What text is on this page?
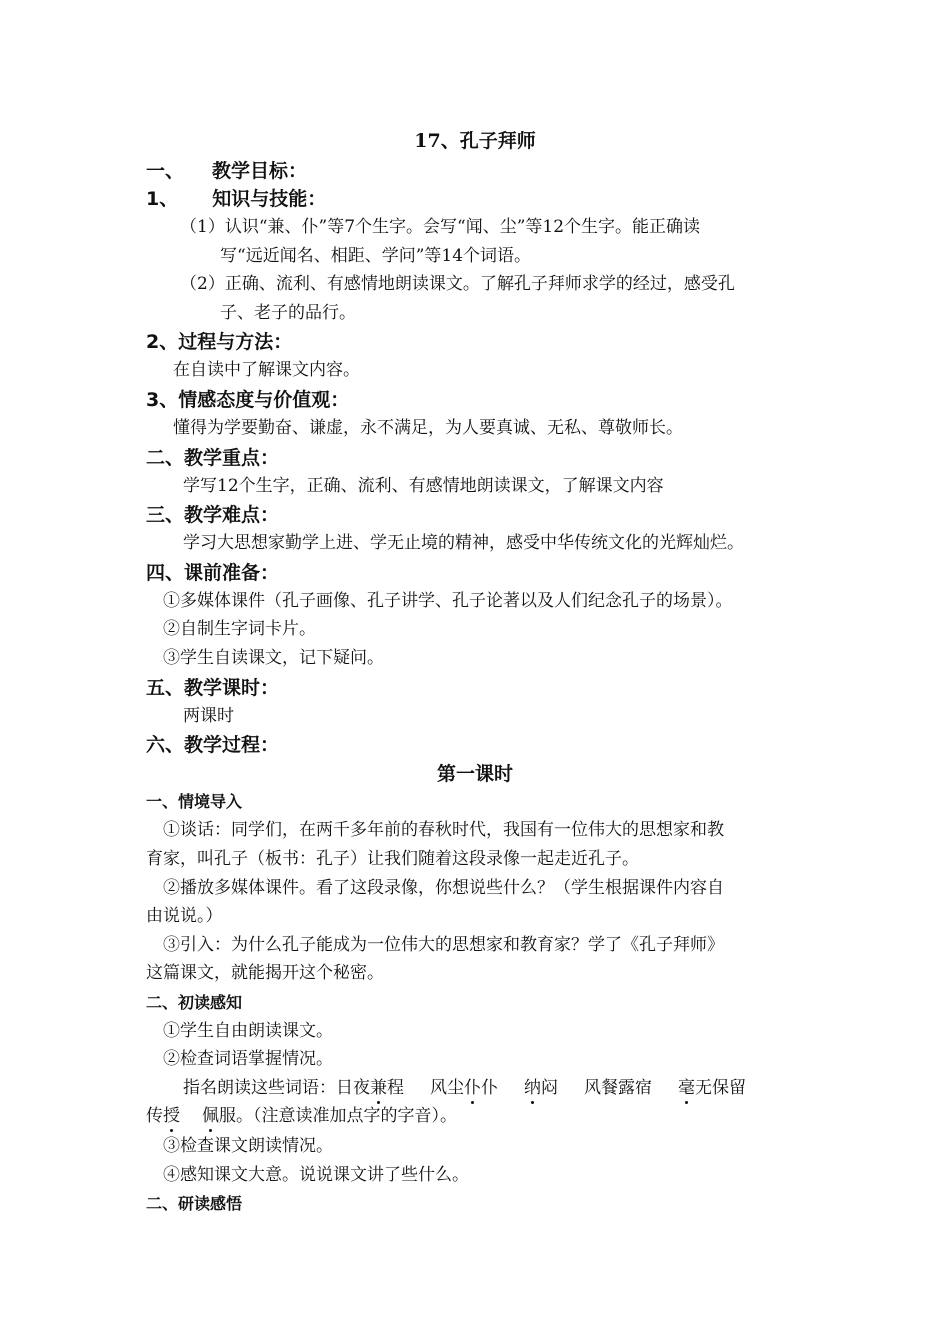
17、孔子拜师
一、 教学目标：
1、 知识与技能：
（1）认识“兼、仆”等7个生字。会写“闻、尘”等12个生字。能正确读
写“远近闻名、相距、学问”等14个词语。
（2）正确、流利、有感情地朗读课文。了解孔子拜师求学的经过，感受孔
子、老子的品行。
2、过程与方法：
在自读中了解课文内容。
3、情感态度与价值观：
懂得为学要勤奋、谦虚，永不满足，为人要真诚、无私、尊敬师长。
二、教学重点：
学写12个生字，正确、流利、有感情地朗读课文，了解课文内容
三、教学难点：
学习大思想家勤学上进、学无止境的精神，感受中华传统文化的光辉灿烂。
四、课前准备：
①多媒体课件（孔子画像、孔子讲学、孔子论著以及人们纪念孔子的场景）。
②自制生字词卡片。
③学生自读课文，记下疑问。
五、教学课时：
两课时
六、教学过程：
第一课时
一、情境导入
①谈话：同学们，在两千多年前的春秋时代，我国有一位伟大的思想家和教
育家，叫孔子（板书：孔子）让我们随着这段录像一起走近孔子。
②播放多媒体课件。看了这段录像，你想说些什么？（学生根据课件内容自
由说说。）
③引入：为什么孔子能成为一位伟大的思想家和教育家？学了《孔子拜师》
这篇课文，就能揭开这个秘密。
二、初读感知
①学生自由朗读课文。
②检查词语掌握情况。
指名朗读这些词语：日夜兼程 风尘仆仆 纳闷 风餐露宿 毫无保留
传授 佩服。（注意读准加点字的字音）。
③检查课文朗读情况。
④感知课文大意。说说课文讲了些什么。
二、研读感悟
